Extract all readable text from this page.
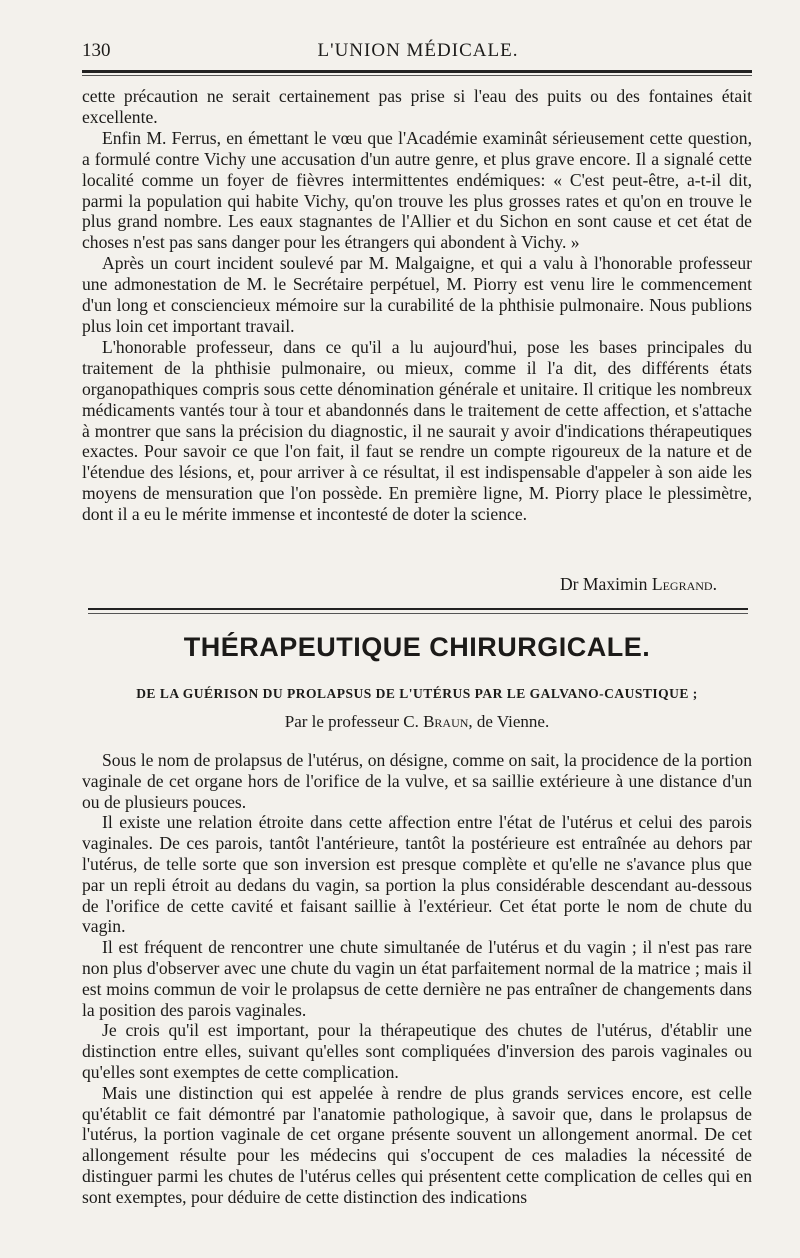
130	L'UNION MÉDICALE.

cette précaution ne serait certainement pas prise si l'eau des puits ou des fontaines était excellente.

Enfin M. Ferrus, en émettant le vœu que l'Académie examinât sérieusement cette question, a formulé contre Vichy une accusation d'un autre genre, et plus grave encore. Il a signalé cette localité comme un foyer de fièvres intermittentes endémiques: « C'est peut-être, a-t-il dit, parmi la population qui habite Vichy, qu'on trouve les plus grosses rates et qu'on en trouve le plus grand nombre. Les eaux stagnantes de l'Allier et du Sichon en sont cause et cet état de choses n'est pas sans danger pour les étrangers qui abondent à Vichy. »

Après un court incident soulevé par M. Malgaigne, et qui a valu à l'honorable professeur une admonestation de M. le Secrétaire perpétuel, M. Piorry est venu lire le commencement d'un long et consciencieux mémoire sur la curabilité de la phthisie pulmonaire. Nous publions plus loin cet important travail.

L'honorable professeur, dans ce qu'il a lu aujourd'hui, pose les bases principales du traitement de la phthisie pulmonaire, ou mieux, comme il l'a dit, des différents états organopathiques compris sous cette dénomination générale et unitaire. Il critique les nombreux médicaments vantés tour à tour et abandonnés dans le traitement de cette affection, et s'attache à montrer que sans la précision du diagnostic, il ne saurait y avoir d'indications thérapeutiques exactes. Pour savoir ce que l'on fait, il faut se rendre un compte rigoureux de la nature et de l'étendue des lésions, et, pour arriver à ce résultat, il est indispensable d'appeler à son aide les moyens de mensuration que l'on possède. En première ligne, M. Piorry place le plessimètre, dont il a eu le mérite immense et incontesté de doter la science.

Dr Maximin Legrand.
THÉRAPEUTIQUE CHIRURGICALE.
DE LA GUÉRISON DU PROLAPSUS DE L'UTÉRUS PAR LE GALVANO-CAUSTIQUE ;
Par le professeur C. Braun, de Vienne.

Sous le nom de prolapsus de l'utérus, on désigne, comme on sait, la procidence de la portion vaginale de cet organe hors de l'orifice de la vulve, et sa saillie extérieure à une distance d'un ou de plusieurs pouces.

Il existe une relation étroite dans cette affection entre l'état de l'utérus et celui des parois vaginales. De ces parois, tantôt l'antérieure, tantôt la postérieure est entraînée au dehors par l'utérus, de telle sorte que son inversion est presque complète et qu'elle ne s'avance plus que par un repli étroit au dedans du vagin, sa portion la plus considérable descendant au-dessous de l'orifice de cette cavité et faisant saillie à l'extérieur. Cet état porte le nom de chute du vagin.

Il est fréquent de rencontrer une chute simultanée de l'utérus et du vagin ; il n'est pas rare non plus d'observer avec une chute du vagin un état parfaitement normal de la matrice ; mais il est moins commun de voir le prolapsus de cette dernière ne pas entraîner de changements dans la position des parois vaginales.

Je crois qu'il est important, pour la thérapeutique des chutes de l'utérus, d'établir une distinction entre elles, suivant qu'elles sont compliquées d'inversion des parois vaginales ou qu'elles sont exemptes de cette complication.

Mais une distinction qui est appelée à rendre de plus grands services encore, est celle qu'établit ce fait démontré par l'anatomie pathologique, à savoir que, dans le prolapsus de l'utérus, la portion vaginale de cet organe présente souvent un allongement anormal. De cet allongement résulte pour les médecins qui s'occupent de ces maladies la nécessité de distinguer parmi les chutes de l'utérus celles qui présentent cette complication de celles qui en sont exemptes, pour déduire de cette distinction des indications
